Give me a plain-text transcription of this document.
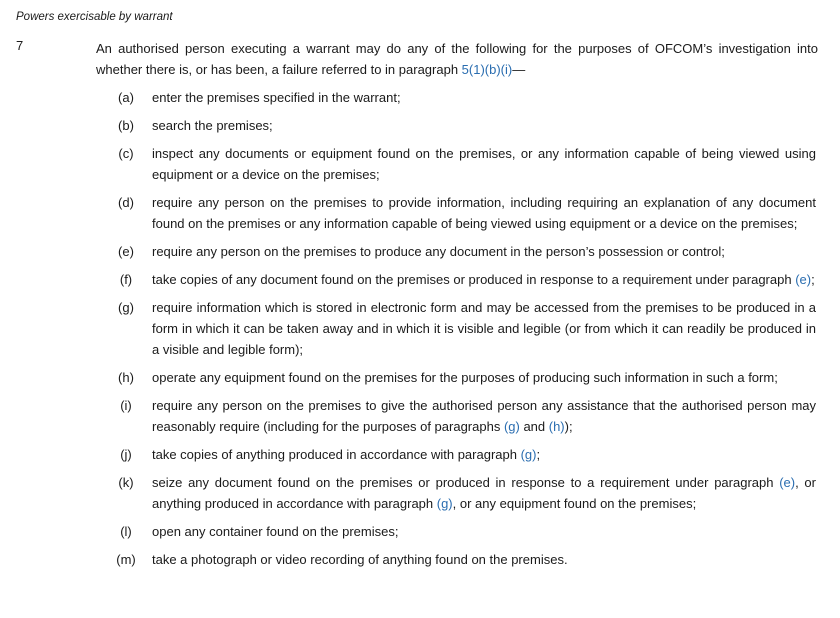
Powers exercisable by warrant
7	An authorised person executing a warrant may do any of the following for the purposes of OFCOM’s investigation into whether there is, or has been, a failure referred to in paragraph 5(1)(b)(i)—
(a)	enter the premises specified in the warrant;
(b)	search the premises;
(c)	inspect any documents or equipment found on the premises, or any information capable of being viewed using equipment or a device on the premises;
(d)	require any person on the premises to provide information, including requiring an explanation of any document found on the premises or any information capable of being viewed using equipment or a device on the premises;
(e)	require any person on the premises to produce any document in the person’s possession or control;
(f)	take copies of any document found on the premises or produced in response to a requirement under paragraph (e);
(g)	require information which is stored in electronic form and may be accessed from the premises to be produced in a form in which it can be taken away and in which it is visible and legible (or from which it can readily be produced in a visible and legible form);
(h)	operate any equipment found on the premises for the purposes of producing such information in such a form;
(i)	require any person on the premises to give the authorised person any assistance that the authorised person may reasonably require (including for the purposes of paragraphs (g) and (h));
(j)	take copies of anything produced in accordance with paragraph (g);
(k)	seize any document found on the premises or produced in response to a requirement under paragraph (e), or anything produced in accordance with paragraph (g), or any equipment found on the premises;
(l)	open any container found on the premises;
(m)	take a photograph or video recording of anything found on the premises.
